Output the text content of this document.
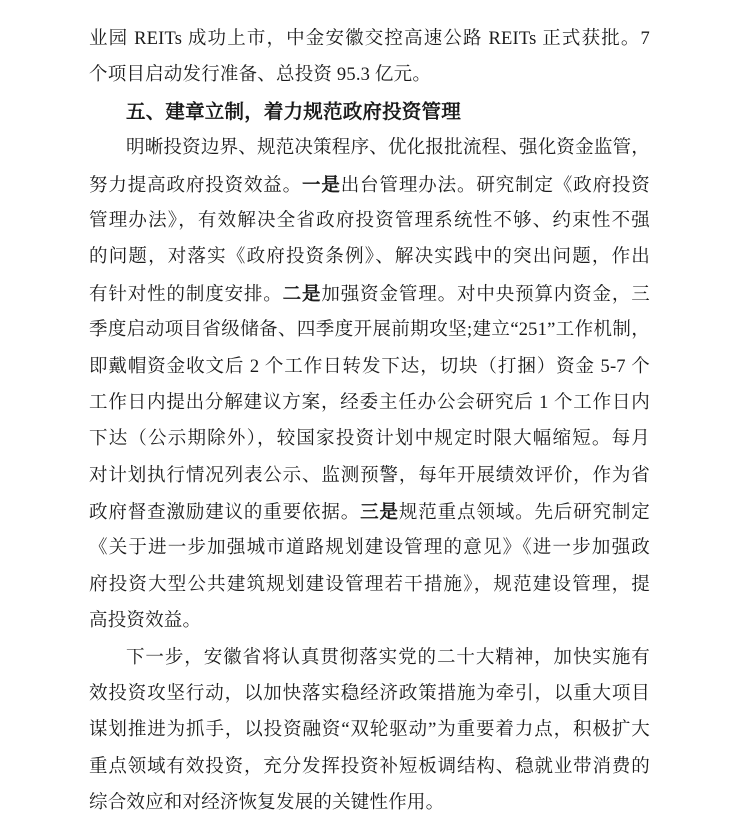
业园 REITs 成功上市，中金安徽交控高速公路 REITs 正式获批。7
个项目启动发行准备、总投资 95.3 亿元。
五、建章立制，着力规范政府投资管理
明晰投资边界、规范决策程序、优化报批流程、强化资金监管，
努力提高政府投资效益。一是出台管理办法。研究制定《政府投资
管理办法》，有效解决全省政府投资管理系统性不够、约束性不强
的问题，对落实《政府投资条例》、解决实践中的突出问题，作出
有针对性的制度安排。二是加强资金管理。对中央预算内资金，三
季度启动项目省级储备、四季度开展前期攻坚;建立“251”工作机制，
即戴帽资金收文后 2 个工作日转发下达，切块（打捆）资金 5-7 个
工作日内提出分解建议方案，经委主任办公会研究后 1 个工作日内
下达（公示期除外），较国家投资计划中规定时限大幅缩短。每月
对计划执行情况列表公示、监测预警，每年开展绩效评价，作为省
政府督查激励建议的重要依据。三是规范重点领域。先后研究制定
《关于进一步加强城市道路规划建设管理的意见》《进一步加强政
府投资大型公共建筑规划建设管理若干措施》，规范建设管理，提
高投资效益。
下一步，安徽省将认真贯彻落实党的二十大精神，加快实施有
效投资攻坚行动，以加快落实稳经济政策措施为牵引，以重大项目
谋划推进为抓手，以投资融资“双轮驱动”为重要着力点，积极扩大
重点领域有效投资，充分发挥投资补短板调结构、稳就业带消费的
综合效应和对经济恢复发展的关键性作用。
